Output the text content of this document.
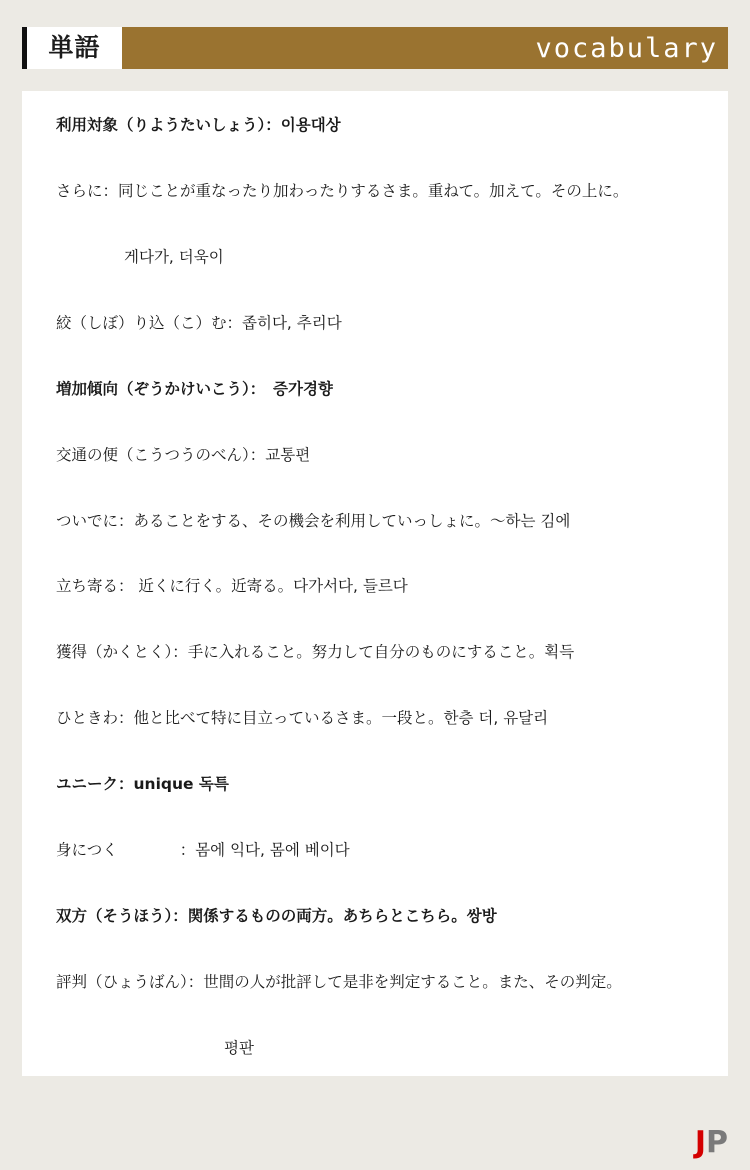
単語	vocabulary

利用対象（りようたいしょう）：이용대상

さらに：同じことが重なったり加わったりするさま。重ねて。加えて。その上に。

게다가, 더욱이

絞（しぼ）り込（こ）む：좁히다, 추리다

増加傾向（ぞうかけいこう）：　증가경향

交通の便（こうつうのべん）：교통편

ついでに：あることをする、その機会を利用していっしょに。～하는 김에

立ち寄る： 近くに行く。近寄る。다가서다, 들르다

獲得（かくとく）：手に入れること。努力して自分のものにすること。획득

ひときわ：他と比べて特に目立っているさま。一段と。한층 더, 유달리

ユニーク：unique 독특

身につく　　　　：몸에 익다, 몸에 베이다

双方（そうほう）：関係するものの両方。あちらとこちら。쌍방

評判（ひょうばん）：世間の人が批評して是非を判定すること。また、その判定。

평판

J P
